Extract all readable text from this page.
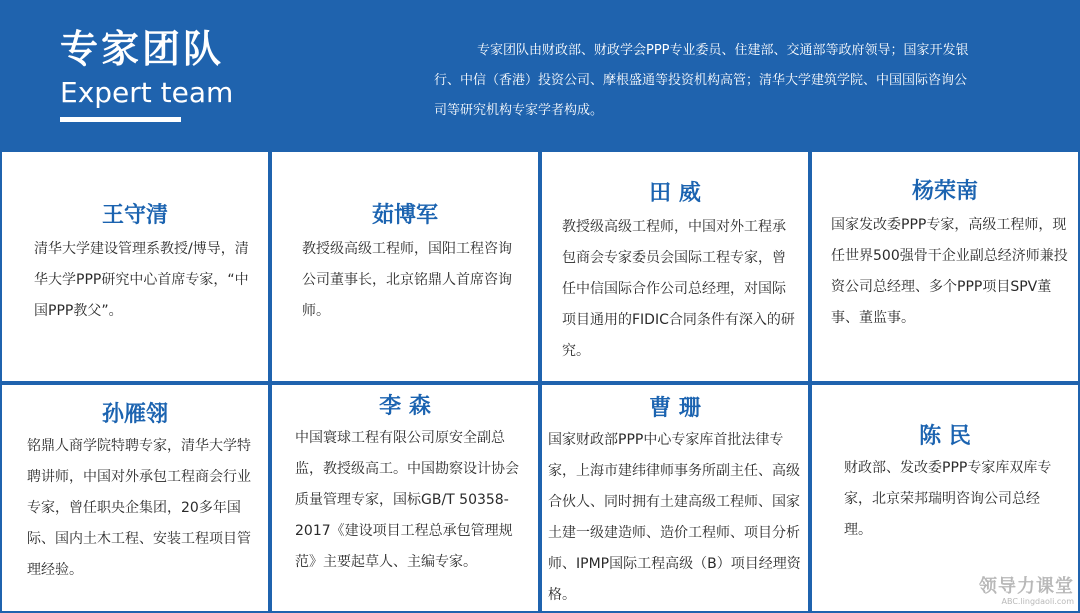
专家团队
Expert team
专家团队由财政部、财政学会PPP专业委员、住建部、交通部等政府领导；国家开发银行、中信（香港）投资公司、摩根盛通等投资机构高管；清华大学建筑学院、中国国际咨询公司等研究机构专家学者构成。
王守清
清华大学建设管理系教授/博导，清华大学PPP研究中心首席专家，“中国PPP教父”。
茹博军
教授级高级工程师，国阳工程咨询公司董事长，北京铭鼎人首席咨询师。
田 威
教授级高级工程师，中国对外工程承包商会专家委员会国际工程专家，曾任中信国际合作公司总经理，对国际项目通用的FIDIC合同条件有深入的研究。
杨荣南
国家发改委PPP专家，高级工程师，现任世界500强骨干企业副总经济师兼投资公司总经理、多个PPP项目SPV董事、董监事。
孙雁翎
铭鼎人商学院特聘专家，清华大学特聘讲师，中国对外承包工程商会行业专家，曾任职央企集团，20多年国际、国内土木工程、安装工程项目管理经验。
李 森
中国寰球工程有限公司原安全副总监，教授级高工。中国勘察设计协会质量管理专家，国标GB/T 50358-2017《建设项目工程总承包管理规范》主要起草人、主编专家。
曹 珊
国家财政部PPP中心专家库首批法律专家，上海市建纬律师事务所副主任、高级合伙人、同时拥有土建高级工程师、国家土建一级建造师、造价工程师、项目分析师、IPMP国际工程高级（B）项目经理资格。
陈 民
财政部、发改委PPP专家库双库专家，北京荣邦瑞明咨询公司总经理。
领导力课堂
ABC.lingdaoli.com
